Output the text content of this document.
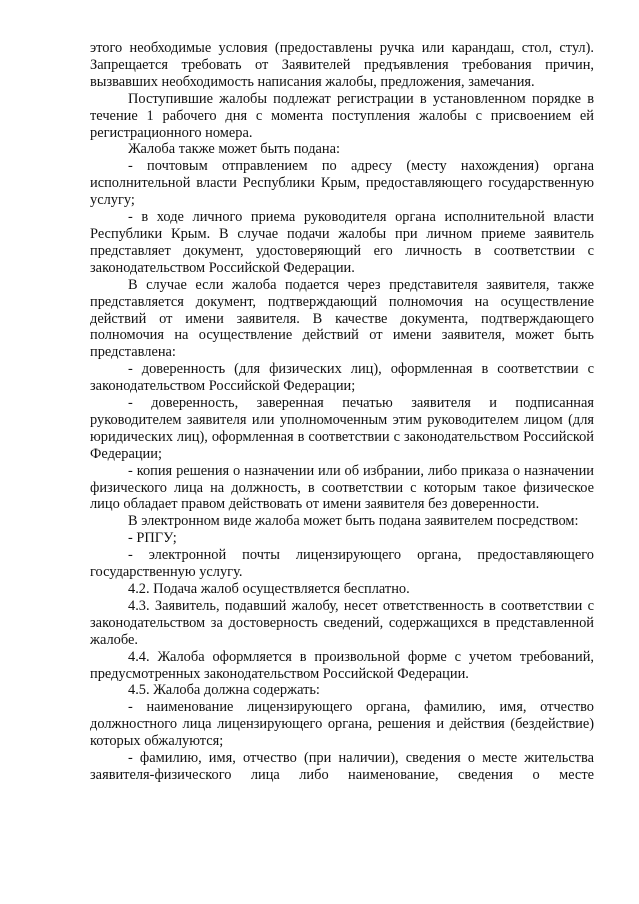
этого необходимые условия (предоставлены ручка или карандаш, стол, стул). Запрещается требовать от Заявителей предъявления требования причин, вызвавших необходимость написания жалобы, предложения, замечания.

Поступившие жалобы подлежат регистрации в установленном порядке в течение 1 рабочего дня с момента поступления жалобы с присвоением ей регистрационного номера.

Жалоба также может быть подана:

- почтовым отправлением по адресу (месту нахождения) органа исполнительной власти Республики Крым, предоставляющего государственную услугу;

- в ходе личного приема руководителя органа исполнительной власти Республики Крым. В случае подачи жалобы при личном приеме заявитель представляет документ, удостоверяющий его личность в соответствии с законодательством Российской Федерации.

В случае если жалоба подается через представителя заявителя, также представляется документ, подтверждающий полномочия на осуществление действий от имени заявителя. В качестве документа, подтверждающего полномочия на осуществление действий от имени заявителя, может быть представлена:

- доверенность (для физических лиц), оформленная в соответствии с законодательством Российской Федерации;

- доверенность, заверенная печатью заявителя и подписанная руководителем заявителя или уполномоченным этим руководителем лицом (для юридических лиц), оформленная в соответствии с законодательством Российской Федерации;

- копия решения о назначении или об избрании, либо приказа о назначении физического лица на должность, в соответствии с которым такое физическое лицо обладает правом действовать от имени заявителя без доверенности.

В электронном виде жалоба может быть подана заявителем посредством:

- РПГУ;

- электронной почты лицензирующего органа, предоставляющего государственную услугу.

4.2. Подача жалоб осуществляется бесплатно.

4.3. Заявитель, подавший жалобу, несет ответственность в соответствии с законодательством за достоверность сведений, содержащихся в представленной жалобе.

4.4. Жалоба оформляется в произвольной форме с учетом требований, предусмотренных законодательством Российской Федерации.

4.5. Жалоба должна содержать:

- наименование лицензирующего органа, фамилию, имя, отчество должностного лица лицензирующего органа, решения и действия (бездействие) которых обжалуются;

- фамилию, имя, отчество (при наличии), сведения о месте жительства заявителя-физического лица либо наименование, сведения о месте
